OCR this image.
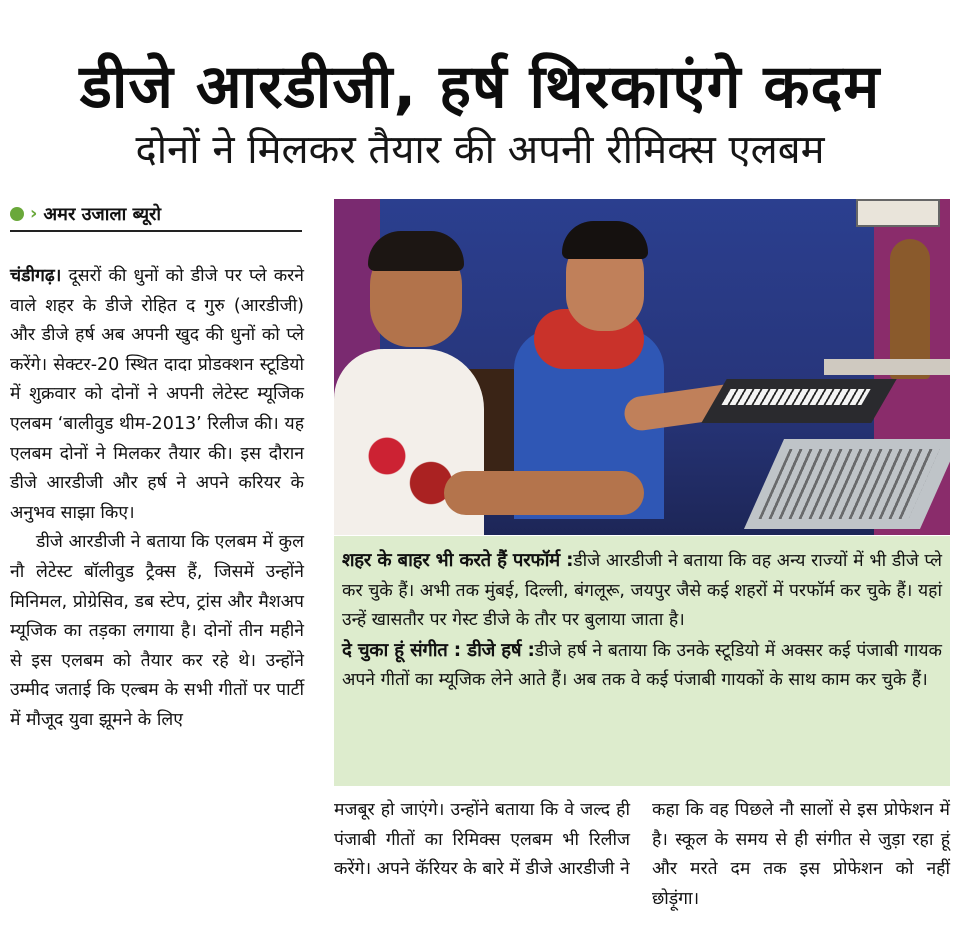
डीजे आरडीजी, हर्ष थिरकाएंगे कदम
दोनों ने मिलकर तैयार की अपनी रीमिक्स एलबम
› अमर उजाला ब्यूरो

चंडीगढ़। दूसरों की धुनों को डीजे पर प्ले करने वाले शहर के डीजे रोहित द गुरु (आरडीजी) और डीजे हर्ष अब अपनी खुद की धुनों को प्ले करेंगे। सेक्टर-20 स्थित दादा प्रोडक्शन स्टूडियो में शुक्रवार को दोनों ने अपनी लेटेस्ट म्यूजिक एलबम ‘बालीवुड थीम-2013’ रिलीज की। यह एलबम दोनों ने मिलकर तैयार की। इस दौरान डीजे आरडीजी और हर्ष ने अपने करियर के अनुभव साझा किए।

डीजे आरडीजी ने बताया कि एलबम में कुल नौ लेटेस्ट बॉलीवुड ट्रैक्स हैं, जिसमें उन्होंने मिनिमल, प्रोग्रेसिव, डब स्टेप, ट्रांस और मैशअप म्यूजिक का तड़का लगाया है। दोनों तीन महीने से इस एलबम को तैयार कर रहे थे। उन्होंने उम्मीद जताई कि एल्बम के सभी गीतों पर पार्टी में मौजूद युवा झूमने के लिए

शहर के बाहर भी करते हैं परफॉर्म :डीजे आरडीजी ने बताया कि वह अन्य राज्यों में भी डीजे प्ले कर चुके हैं। अभी तक मुंबई, दिल्ली, बंगलूरू, जयपुर जैसे कई शहरों में परफॉर्म कर चुके हैं। यहां उन्हें खासतौर पर गेस्ट डीजे के तौर पर बुलाया जाता है।

दे चुका हूं संगीत : डीजे हर्ष :डीजे हर्ष ने बताया कि उनके स्टूडियो में अक्सर कई पंजाबी गायक अपने गीतों का म्यूजिक लेने आते हैं। अब तक वे कई पंजाबी गायकों के साथ काम कर चुके हैं।

मजबूर हो जाएंगे। उन्होंने बताया कि वे जल्द ही पंजाबी गीतों का रिमिक्स एलबम भी रिलीज करेंगे। अपने कॅरियर के बारे में डीजे आरडीजी ने

कहा कि वह पिछले नौ सालों से इस प्रोफेशन में है। स्कूल के समय से ही संगीत से जुड़ा रहा हूं और मरते दम तक इस प्रोफेशन को नहीं छोड़ूंगा।
